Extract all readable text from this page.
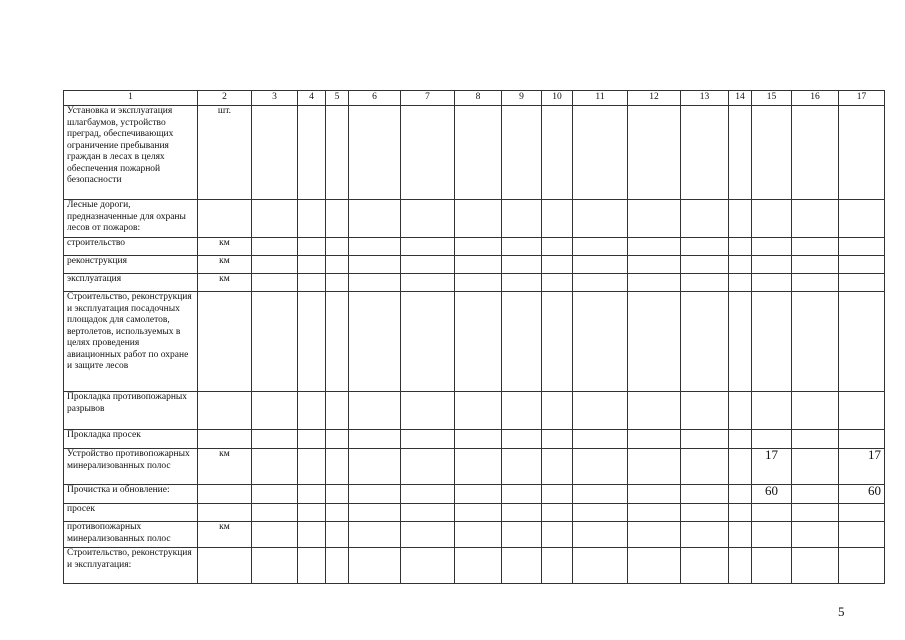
1	2	3	4	5	6	7	8	9	10	11	12	13	14	15	16	17
Установка и эксплуатация шлагбаумов, устройство преград, обеспечивающих ограничение пребывания граждан в лесах в целях обеспечения пожарной безопасности	шт.															
Лесные дороги, предназначенные для охраны лесов от пожаров:																
строительство	км															
реконструкция	км															
эксплуатация	км															
Строительство, реконструкция и эксплуатация посадочных площадок для самолетов, вертолетов, используемых в целях проведения авиационных работ по охране и защите лесов																
Прокладка противопожарных разрывов																
Прокладка просек																
Устройство противопожарных минерализованных полос	км													17		17
Прочистка и обновление:														60		60
просек																
противопожарных минерализованных полос	км															
Строительство, реконструкция и эксплуатация:																
5
